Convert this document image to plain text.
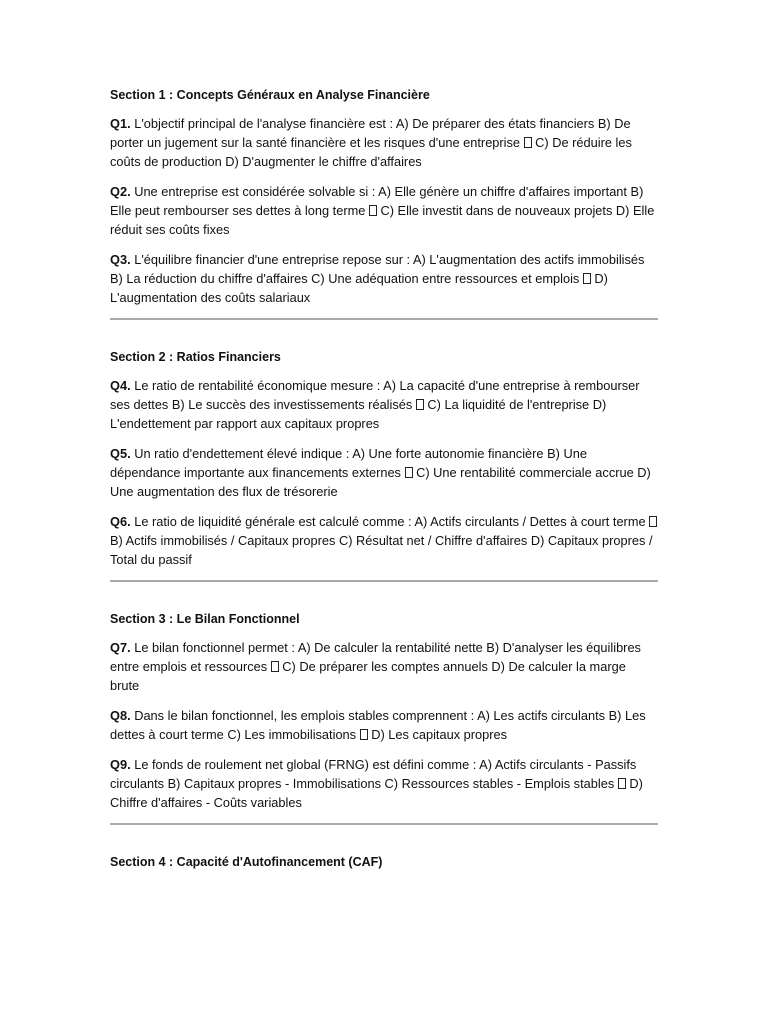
Section 1 : Concepts Généraux en Analyse Financière

Q1. L'objectif principal de l'analyse financière est : A) De préparer des états financiers B) De porter un jugement sur la santé financière et les risques d'une entreprise  C) De réduire les coûts de production D) D'augmenter le chiffre d'affaires

Q2. Une entreprise est considérée solvable si : A) Elle génère un chiffre d'affaires important B) Elle peut rembourser ses dettes à long terme  C) Elle investit dans de nouveaux projets D) Elle réduit ses coûts fixes

Q3. L'équilibre financier d'une entreprise repose sur : A) L'augmentation des actifs immobilisés B) La réduction du chiffre d'affaires C) Une adéquation entre ressources et emplois  D) L'augmentation des coûts salariaux

Section 2 : Ratios Financiers

Q4. Le ratio de rentabilité économique mesure : A) La capacité d'une entreprise à rembourser ses dettes B) Le succès des investissements réalisés  C) La liquidité de l'entreprise D) L'endettement par rapport aux capitaux propres

Q5. Un ratio d'endettement élevé indique : A) Une forte autonomie financière B) Une dépendance importante aux financements externes  C) Une rentabilité commerciale accrue D) Une augmentation des flux de trésorerie

Q6. Le ratio de liquidité générale est calculé comme : A) Actifs circulants / Dettes à court terme  B) Actifs immobilisés / Capitaux propres C) Résultat net / Chiffre d'affaires D) Capitaux propres / Total du passif

Section 3 : Le Bilan Fonctionnel

Q7. Le bilan fonctionnel permet : A) De calculer la rentabilité nette B) D'analyser les équilibres entre emplois et ressources  C) De préparer les comptes annuels D) De calculer la marge brute

Q8. Dans le bilan fonctionnel, les emplois stables comprennent : A) Les actifs circulants B) Les dettes à court terme C) Les immobilisations  D) Les capitaux propres

Q9. Le fonds de roulement net global (FRNG) est défini comme : A) Actifs circulants - Passifs circulants B) Capitaux propres - Immobilisations C) Ressources stables - Emplois stables  D) Chiffre d'affaires - Coûts variables

Section 4 : Capacité d'Autofinancement (CAF)
